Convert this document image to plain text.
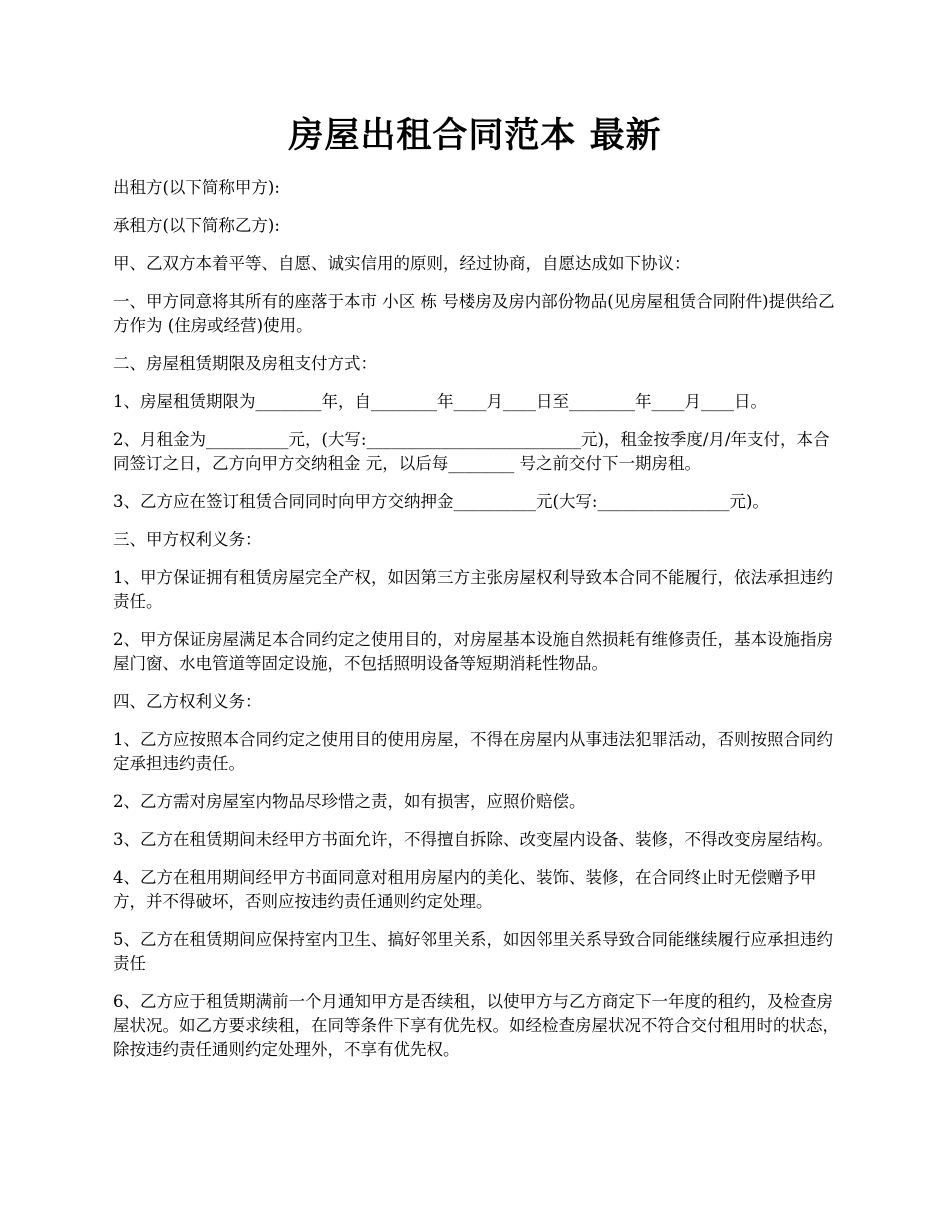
房屋出租合同范本 最新

出租方(以下简称甲方):

承租方(以下简称乙方):

甲、乙双方本着平等、自愿、诚实信用的原则，经过协商，自愿达成如下协议：

一、甲方同意将其所有的座落于本市 小区 栋 号楼房及房内部份物品(见房屋租赁合同附件)提供给乙方作为 (住房或经营)使用。

二、房屋租赁期限及房租支付方式：

1、房屋租赁期限为________年，自________年____月____日至________年____月____日。

2、月租金为__________元，(大写:__________________________元)，租金按季度/月/年支付，本合同签订之日，乙方向甲方交纳租金 元，以后每________ 号之前交付下一期房租。

3、乙方应在签订租赁合同同时向甲方交纳押金__________元(大写:________________元)。

三、甲方权利义务：

1、甲方保证拥有租赁房屋完全产权，如因第三方主张房屋权利导致本合同不能履行，依法承担违约责任。

2、甲方保证房屋满足本合同约定之使用目的，对房屋基本设施自然损耗有维修责任，基本设施指房屋门窗、水电管道等固定设施，不包括照明设备等短期消耗性物品。

四、乙方权利义务：

1、乙方应按照本合同约定之使用目的使用房屋，不得在房屋内从事违法犯罪活动，否则按照合同约定承担违约责任。

2、乙方需对房屋室内物品尽珍惜之责，如有损害，应照价赔偿。

3、乙方在租赁期间未经甲方书面允许，不得擅自拆除、改变屋内设备、装修，不得改变房屋结构。

4、乙方在租用期间经甲方书面同意对租用房屋内的美化、装饰、装修，在合同终止时无偿赠予甲方，并不得破坏，否则应按违约责任通则约定处理。

5、乙方在租赁期间应保持室内卫生、搞好邻里关系，如因邻里关系导致合同能继续履行应承担违约责任

6、乙方应于租赁期满前一个月通知甲方是否续租，以使甲方与乙方商定下一年度的租约，及检查房屋状况。如乙方要求续租，在同等条件下享有优先权。如经检查房屋状况不符合交付租用时的状态，除按违约责任通则约定处理外，不享有优先权。
